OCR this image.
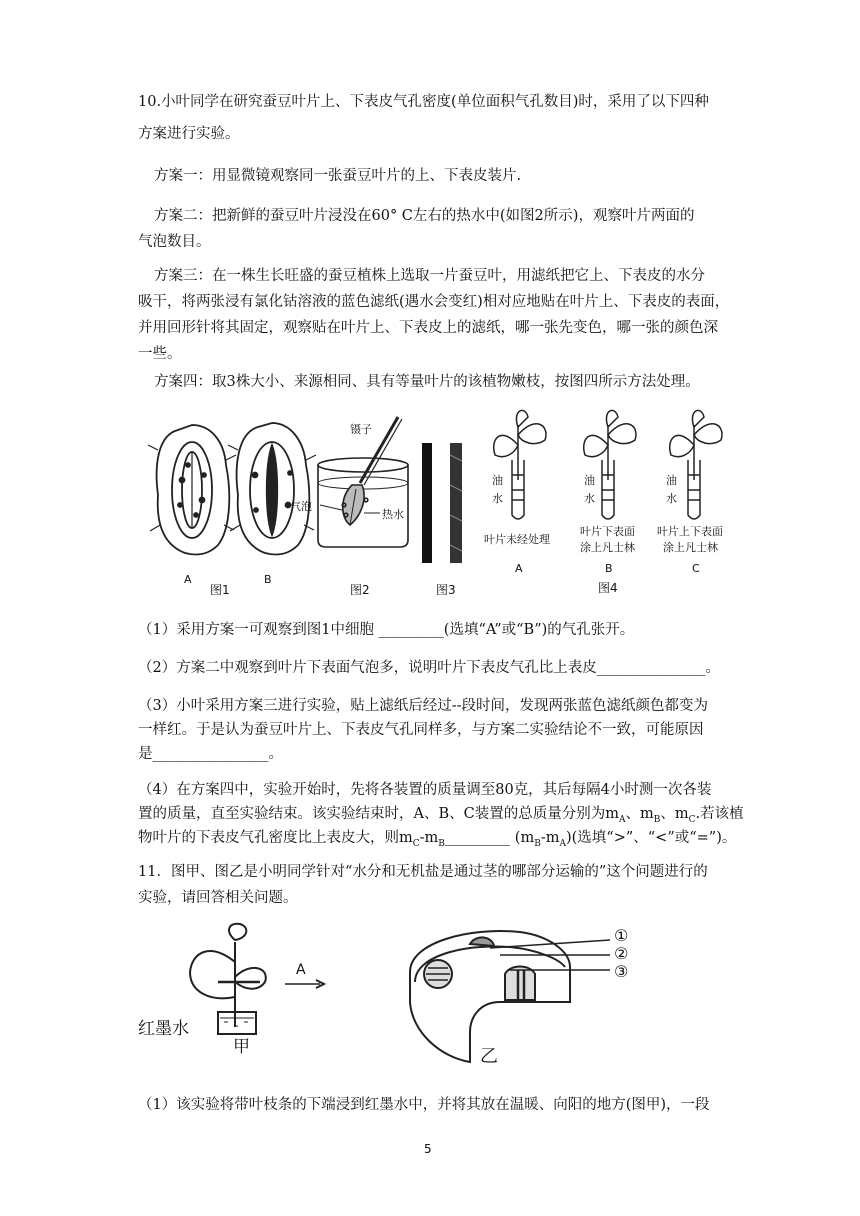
10.小叶同学在研究蚕豆叶片上、下表皮气孔密度(单位面积气孔数目)时，采用了以下四种
方案进行实验。
方案一：用显微镜观察同一张蚕豆叶片的上、下表皮装片.
方案二：把新鲜的蚕豆叶片浸没在60° C左右的热水中(如图2所示)，观察叶片两面的
气泡数目。
方案三：在一株生长旺盛的蚕豆植株上选取一片蚕豆叶，用滤纸把它上、下表皮的水分
吸干，将两张浸有氯化钴溶液的蓝色滤纸(遇水会变红)相对应地贴在叶片上、下表皮的表面，
并用回形针将其固定，观察贴在叶片上、下表皮上的滤纸，哪一张先变色，哪一张的颜色深
一些。
方案四：取3株大小、来源相同、具有等量叶片的该植物嫩枝，按图四所示方法处理。
A	B
图1
镊子
气泡
热水
图2	图3
油
水
油
水
油
水
叶片未经处理
叶片下表面
涂上凡士林
叶片上下表面
涂上凡士林
A	B	C
图4
（1）采用方案一可观察到图1中细胞 _________(选填“A”或“B”)的气孔张开。
（2）方案二中观察到叶片下表面气泡多，说明叶片下表皮气孔比上表皮_______________。
（3）小叶采用方案三进行实验，贴上滤纸后经过--段时间，发现两张蓝色滤纸颜色都变为
一样红。于是认为蚕豆叶片上、下表皮气孔同样多，与方案二实验结论不一致，可能原因
是________________。
（4）在方案四中，实验开始时，先将各装置的质量调至80克，其后每隔4小时测一次各装
置的质量，直至实验结束。该实验结束时，A、B、C装置的总质量分别为$m_A$、$m_B$、$m_C$.若该植
物叶片的下表皮气孔密度比上表皮大，则$m_C-m_B\_\_\_\_\_\_\_\_\_$ $(m_B-m_A)$(选填“>”、“<”或“=”)。
11．图甲、图乙是小明同学针对“水分和无机盐是通过茎的哪部分运输的”这个问题进行的
实验，请回答相关问题。
A
红墨水
甲	乙
①
②
③
（1）该实验将带叶枝条的下端浸到红墨水中，并将其放在温暖、向阳的地方(图甲)，一段
5
